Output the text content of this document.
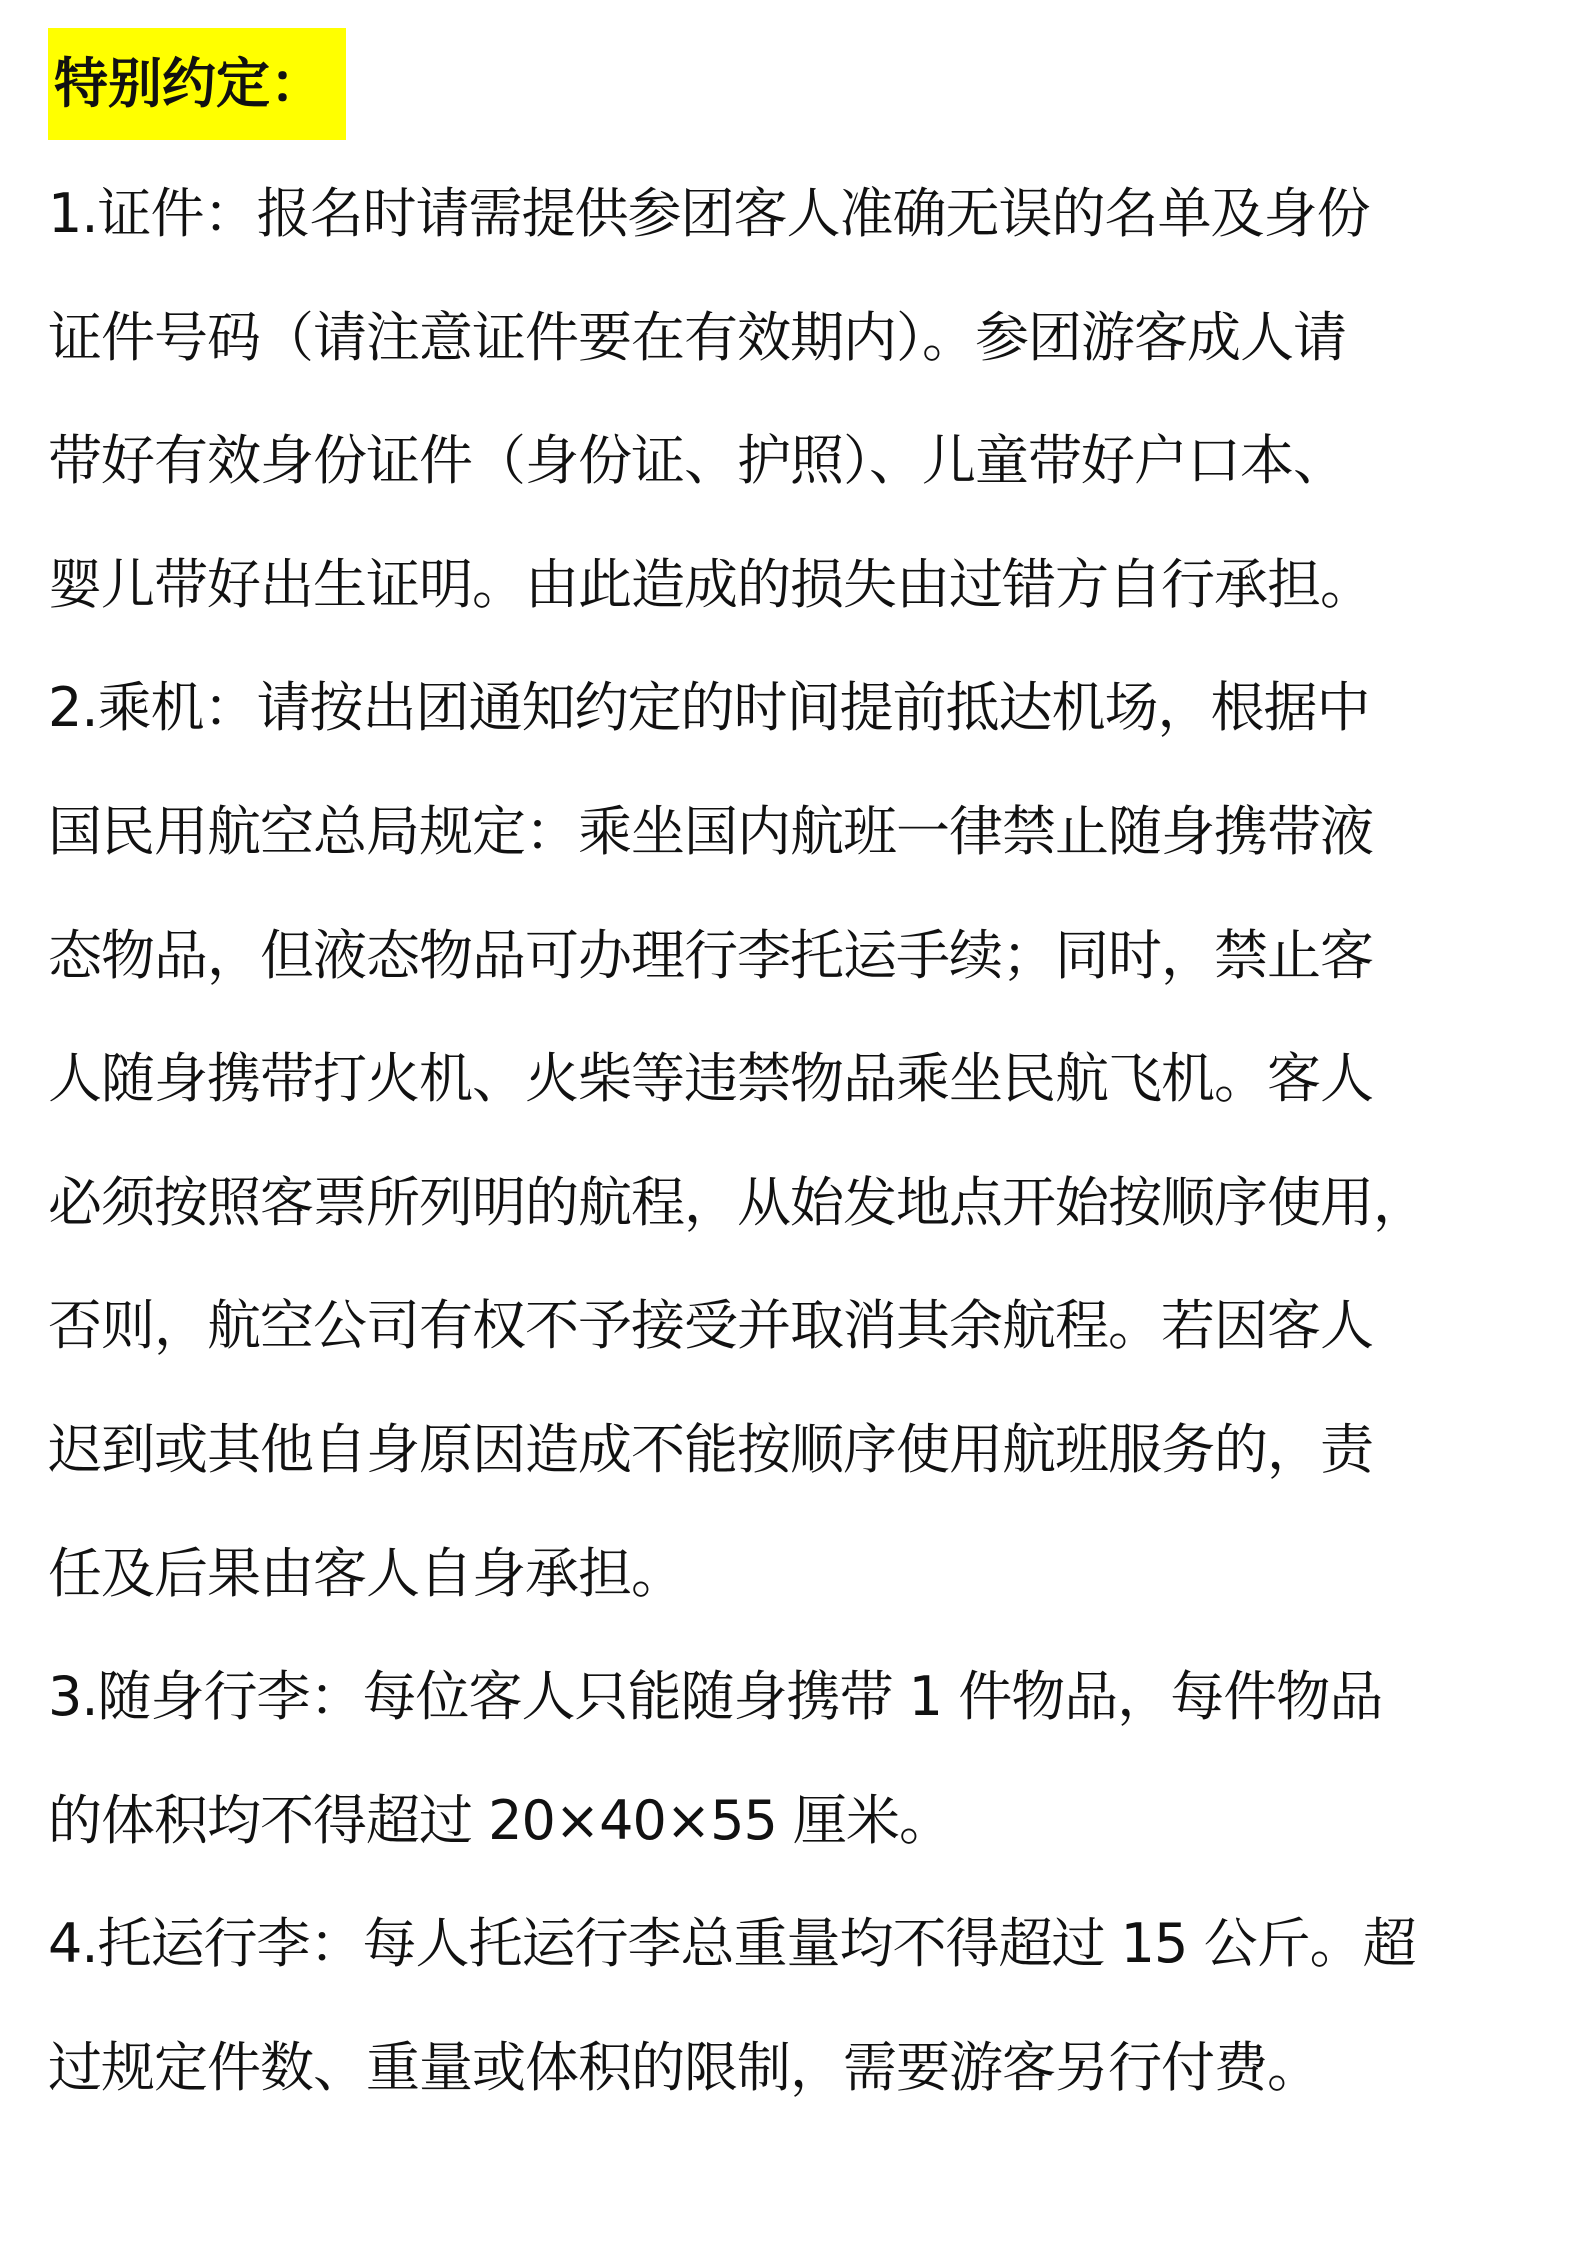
特别约定：
1.证件：报名时请需提供参团客人准确无误的名单及身份
证件号码（请注意证件要在有效期内）。参团游客成人请
带好有效身份证件（身份证、护照）、儿童带好户口本、
婴儿带好出生证明。由此造成的损失由过错方自行承担。
2.乘机：请按出团通知约定的时间提前抵达机场，根据中
国民用航空总局规定：乘坐国内航班一律禁止随身携带液
态物品，但液态物品可办理行李托运手续；同时，禁止客
人随身携带打火机、火柴等违禁物品乘坐民航飞机。客人
必须按照客票所列明的航程，从始发地点开始按顺序使用，
否则，航空公司有权不予接受并取消其余航程。若因客人
迟到或其他自身原因造成不能按顺序使用航班服务的，责
任及后果由客人自身承担。
3.随身行李：每位客人只能随身携带 1 件物品，每件物品
的体积均不得超过 20×40×55 厘米。
4.托运行李：每人托运行李总重量均不得超过 15 公斤。超
过规定件数、重量或体积的限制，需要游客另行付费。
